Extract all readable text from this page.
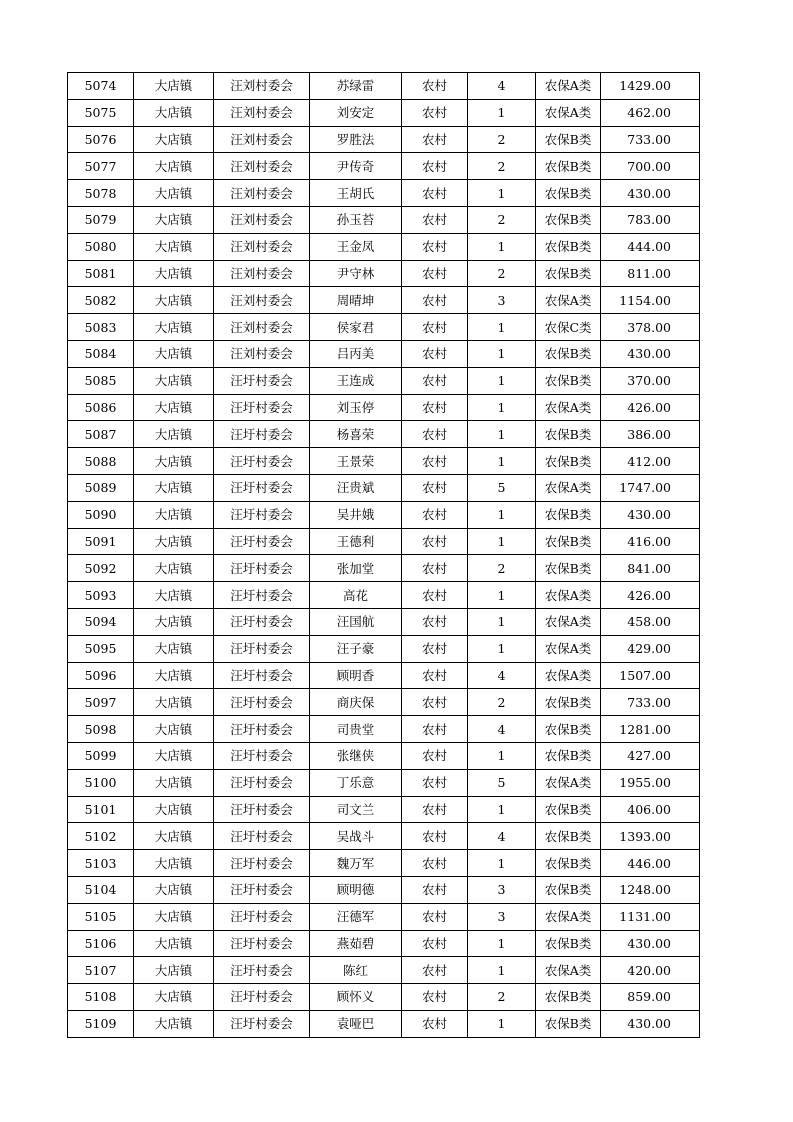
5074	大店镇	汪刘村委会	苏绿雷	农村	4	农保A类	1429.00
5075	大店镇	汪刘村委会	刘安定	农村	1	农保A类	462.00
5076	大店镇	汪刘村委会	罗胜法	农村	2	农保B类	733.00
5077	大店镇	汪刘村委会	尹传奇	农村	2	农保B类	700.00
5078	大店镇	汪刘村委会	王胡氏	农村	1	农保B类	430.00
5079	大店镇	汪刘村委会	孙玉苔	农村	2	农保B类	783.00
5080	大店镇	汪刘村委会	王金凤	农村	1	农保B类	444.00
5081	大店镇	汪刘村委会	尹守林	农村	2	农保B类	811.00
5082	大店镇	汪刘村委会	周晴坤	农村	3	农保A类	1154.00
5083	大店镇	汪刘村委会	侯家君	农村	1	农保C类	378.00
5084	大店镇	汪刘村委会	吕丙美	农村	1	农保B类	430.00
5085	大店镇	汪圩村委会	王连成	农村	1	农保B类	370.00
5086	大店镇	汪圩村委会	刘玉停	农村	1	农保A类	426.00
5087	大店镇	汪圩村委会	杨喜荣	农村	1	农保B类	386.00
5088	大店镇	汪圩村委会	王景荣	农村	1	农保B类	412.00
5089	大店镇	汪圩村委会	汪贵斌	农村	5	农保A类	1747.00
5090	大店镇	汪圩村委会	吴井娥	农村	1	农保B类	430.00
5091	大店镇	汪圩村委会	王德利	农村	1	农保B类	416.00
5092	大店镇	汪圩村委会	张加堂	农村	2	农保B类	841.00
5093	大店镇	汪圩村委会	高花	农村	1	农保A类	426.00
5094	大店镇	汪圩村委会	汪国航	农村	1	农保A类	458.00
5095	大店镇	汪圩村委会	汪子豪	农村	1	农保A类	429.00
5096	大店镇	汪圩村委会	顾明香	农村	4	农保A类	1507.00
5097	大店镇	汪圩村委会	商庆保	农村	2	农保B类	733.00
5098	大店镇	汪圩村委会	司贵堂	农村	4	农保B类	1281.00
5099	大店镇	汪圩村委会	张继侠	农村	1	农保B类	427.00
5100	大店镇	汪圩村委会	丁乐意	农村	5	农保A类	1955.00
5101	大店镇	汪圩村委会	司文兰	农村	1	农保B类	406.00
5102	大店镇	汪圩村委会	吴战斗	农村	4	农保B类	1393.00
5103	大店镇	汪圩村委会	魏万军	农村	1	农保B类	446.00
5104	大店镇	汪圩村委会	顾明德	农村	3	农保B类	1248.00
5105	大店镇	汪圩村委会	汪德军	农村	3	农保A类	1131.00
5106	大店镇	汪圩村委会	燕茹碧	农村	1	农保B类	430.00
5107	大店镇	汪圩村委会	陈红	农村	1	农保A类	420.00
5108	大店镇	汪圩村委会	顾怀义	农村	2	农保B类	859.00
5109	大店镇	汪圩村委会	袁哑巴	农村	1	农保B类	430.00
